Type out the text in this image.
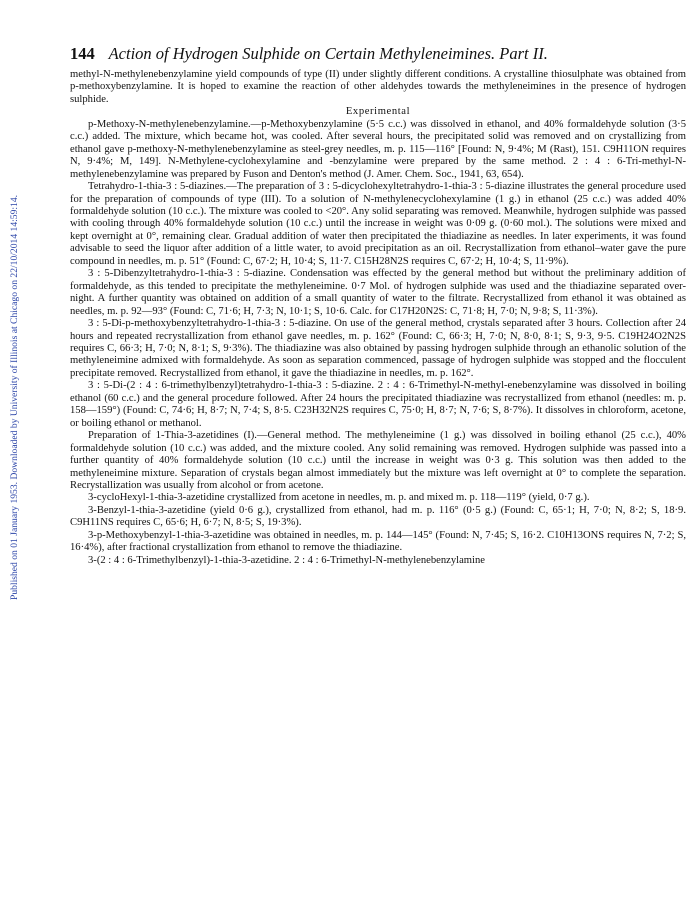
Published on 01 January 1953. Downloaded by University of Illinois at Chicago on 22/10/2014 14:59:14.
144 Action of Hydrogen Sulphide on Certain Methyleneimines. Part II.

methyl-N-methylenebenzylamine yield compounds of type (II) under slightly different conditions. A crystalline thiosulphate was obtained from p-methoxybenzylamine. It is hoped to examine the reaction of other aldehydes towards the methyleneimines in the presence of hydrogen sulphide.

Experimental

p-Methoxy-N-methylenebenzylamine.—p-Methoxybenzylamine (5·5 c.c.) was dissolved in ethanol, and 40% formaldehyde solution (3·5 c.c.) added. The mixture, which became hot, was cooled. After several hours, the precipitated solid was removed and on crystallizing from ethanol gave p-methoxy-N-methylenebenzylamine as steel-grey needles, m. p. 115—116° [Found: N, 9·4%; M (Rast), 151. C9H11ON requires N, 9·4%; M, 149]. N-Methylene-cyclohexylamine and -benzylamine were prepared by the same method. 2 : 4 : 6-Tri-methyl-N-methylenebenzylamine was prepared by Fuson and Denton's method (J. Amer. Chem. Soc., 1941, 63, 654).

Tetrahydro-1-thia-3 : 5-diazines.—The preparation of 3 : 5-dicyclohexyltetrahydro-1-thia-3 : 5-diazine illustrates the general procedure used for the preparation of compounds of type (III). To a solution of N-methylenecyclohexylamine (1 g.) in ethanol (25 c.c.) was added 40% formaldehyde solution (10 c.c.). The mixture was cooled to <20°. Any solid separating was removed. Meanwhile, hydrogen sulphide was passed with cooling through 40% formaldehyde solution (10 c.c.) until the increase in weight was 0·09 g. (0·60 mol.). The solutions were mixed and kept overnight at 0°, remaining clear. Gradual addition of water then precipitated the thiadiazine as needles. In later experiments, it was found advisable to seed the liquor after addition of a little water, to avoid precipitation as an oil. Recrystallization from ethanol–water gave the pure compound in needles, m. p. 51° (Found: C, 67·2; H, 10·4; S, 11·7. C15H28N2S requires C, 67·2; H, 10·4; S, 11·9%).

3 : 5-Dibenzyltetrahydro-1-thia-3 : 5-diazine. Condensation was effected by the general method but without the preliminary addition of formaldehyde, as this tended to precipitate the methyleneimine. 0·7 Mol. of hydrogen sulphide was used and the thiadiazine separated over-night. A further quantity was obtained on addition of a small quantity of water to the filtrate. Recrystallized from ethanol it was obtained as needles, m. p. 92—93° (Found: C, 71·6; H, 7·3; N, 10·1; S, 10·6. Calc. for C17H20N2S: C, 71·8; H, 7·0; N, 9·8; S, 11·3%).

3 : 5-Di-p-methoxybenzyltetrahydro-1-thia-3 : 5-diazine. On use of the general method, crystals separated after 3 hours. Collection after 24 hours and repeated recrystallization from ethanol gave needles, m. p. 162° (Found: C, 66·3; H, 7·0; N, 8·0, 8·1; S, 9·3, 9·5. C19H24O2N2S requires C, 66·3; H, 7·0; N, 8·1; S, 9·3%). The thiadiazine was also obtained by passing hydrogen sulphide through an ethanolic solution of the methyleneimine admixed with formaldehyde. As soon as separation commenced, passage of hydrogen sulphide was stopped and the flocculent precipitate removed. Recrystallized from ethanol, it gave the thiadiazine in needles, m. p. 162°.

3 : 5-Di-(2 : 4 : 6-trimethylbenzyl)tetrahydro-1-thia-3 : 5-diazine. 2 : 4 : 6-Trimethyl-N-methyl-enebenzylamine was dissolved in boiling ethanol (60 c.c.) and the general procedure followed. After 24 hours the precipitated thiadiazine was recrystallized from ethanol (needles: m. p. 158—159°) (Found: C, 74·6; H, 8·7; N, 7·4; S, 8·5. C23H32N2S requires C, 75·0; H, 8·7; N, 7·6; S, 8·7%). It dissolves in chloroform, acetone, or boiling ethanol or methanol.

Preparation of 1-Thia-3-azetidines (I).—General method. The methyleneimine (1 g.) was dissolved in boiling ethanol (25 c.c.), 40% formaldehyde solution (10 c.c.) was added, and the mixture cooled. Any solid remaining was removed. Hydrogen sulphide was passed into a further quantity of 40% formaldehyde solution (10 c.c.) until the increase in weight was 0·3 g. This solution was then added to the methyleneimine mixture. Separation of crystals began almost immediately but the mixture was left overnight at 0° to complete the separation. Recrystallization was usually from alcohol or from acetone.

3-cycloHexyl-1-thia-3-azetidine crystallized from acetone in needles, m. p. and mixed m. p. 118—119° (yield, 0·7 g.).

3-Benzyl-1-thia-3-azetidine (yield 0·6 g.), crystallized from ethanol, had m. p. 116° (0·5 g.) (Found: C, 65·1; H, 7·0; N, 8·2; S, 18·9. C9H11NS requires C, 65·6; H, 6·7; N, 8·5; S, 19·3%).

3-p-Methoxybenzyl-1-thia-3-azetidine was obtained in needles, m. p. 144—145° (Found: N, 7·45; S, 16·2. C10H13ONS requires N, 7·2; S, 16·4%), after fractional crystallization from ethanol to remove the thiadiazine.

3-(2 : 4 : 6-Trimethylbenzyl)-1-thia-3-azetidine. 2 : 4 : 6-Trimethyl-N-methylenebenzylamine
